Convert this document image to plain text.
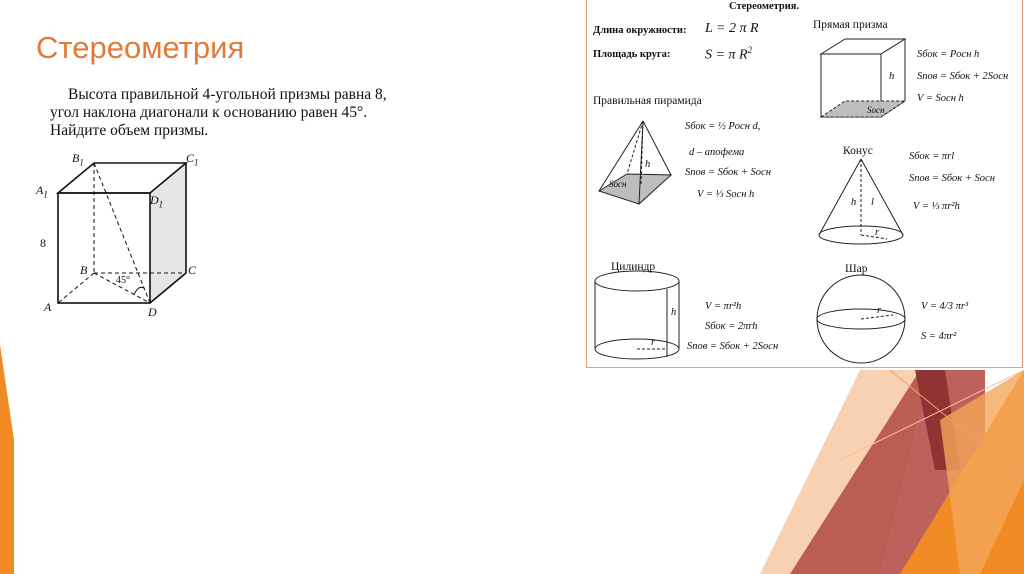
Стереометрия
Высота правильной 4-угольной призмы равна 8,
угол наклона диагонали к основанию равен 45°.
Найдите объем призмы.
$B_1$	$C_1$
$A_1$	$D_1$
8
B	C
45°
A	D
Стереометрия.
Длина окружности: L = 2 π R
Площадь круга: S = π $R^2$
Прямая призма
Sбок = Pосн h
Sпов = Sбок + 2Sосн
V = Sосн h
Sосн
h
Правильная пирамида
Sбок = ½ Pосн d,
d – апофема
Sпов = Sбок + Sосн
V = ⅓ Sосн h
Sосн
h
Конус	Sбок = πrl
Sпов = Sбок + Sосн
V = ⅓ πr²h
h l
r
Цилиндр
V = πr²h
Sбок = 2πrh
Sпов = Sбок + 2Sосн
h
r
Шар
V = 4/3 πr³
S = 4πr²
r
